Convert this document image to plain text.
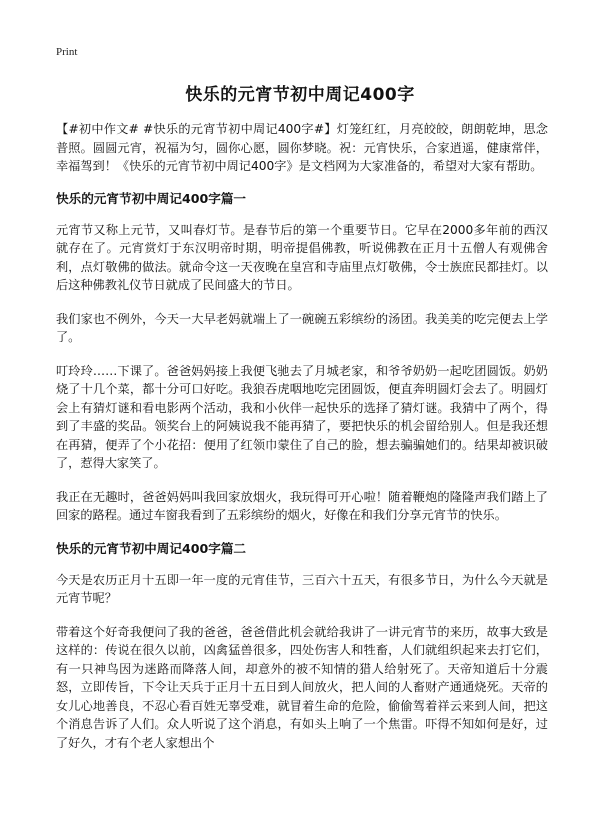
Print
快乐的元宵节初中周记400字

【#初中作文# #快乐的元宵节初中周记400字#】灯笼红红，月亮皎皎，朗朗乾坤，思念普照。圆圆元宵，祝福为匀，圆你心愿，圆你梦晓。祝：元宵快乐，合家逍遥，健康常伴，幸福驾到！《快乐的元宵节初中周记400字》是文档网为大家准备的，希望对大家有帮助。

快乐的元宵节初中周记400字篇一

元宵节又称上元节，又叫春灯节。是春节后的第一个重要节日。它早在2000多年前的西汉就存在了。元宵赏灯于东汉明帝时期，明帝提倡佛教，听说佛教在正月十五僧人有观佛舍利，点灯敬佛的做法。就命令这一天夜晚在皇宫和寺庙里点灯敬佛，令士族庶民都挂灯。以后这种佛教礼仪节日就成了民间盛大的节日。

我们家也不例外，今天一大早老妈就端上了一碗碗五彩缤纷的汤团。我美美的吃完便去上学了。

叮玲玲……下课了。爸爸妈妈接上我便飞驰去了月城老家，和爷爷奶奶一起吃团圆饭。奶奶烧了十几个菜，都十分可口好吃。我狼吞虎咽地吃完团圆饭，便直奔明圆灯会去了。明圆灯会上有猜灯谜和看电影两个活动，我和小伙伴一起快乐的选择了猜灯谜。我猜中了两个，得到了丰盛的奖品。领奖台上的阿姨说我不能再猜了，要把快乐的机会留给别人。但是我还想在再猜，便弄了个小花招：便用了红领巾蒙住了自己的脸，想去骗骗她们的。结果却被识破了，惹得大家笑了。

我正在无趣时，爸爸妈妈叫我回家放烟火，我玩得可开心啦！随着鞭炮的隆隆声我们踏上了回家的路程。通过车窗我看到了五彩缤纷的烟火，好像在和我们分享元宵节的快乐。

快乐的元宵节初中周记400字篇二

今天是农历正月十五即一年一度的元宵佳节，三百六十五天，有很多节日，为什么今天就是元宵节呢？

带着这个好奇我便问了我的爸爸，爸爸借此机会就给我讲了一讲元宵节的来历，故事大致是这样的：传说在很久以前，凶禽猛兽很多，四处伤害人和牲畜，人们就组织起来去打它们，有一只神鸟因为迷路而降落人间，却意外的被不知情的猎人给射死了。天帝知道后十分震怒，立即传旨，下令让天兵于正月十五日到人间放火，把人间的人畜财产通通烧死。天帝的女儿心地善良，不忍心看百姓无辜受难，就冒着生命的危险，偷偷驾着祥云来到人间，把这个消息告诉了人们。众人听说了这个消息，有如头上响了一个焦雷。吓得不知如何是好，过了好久，才有个老人家想出个
